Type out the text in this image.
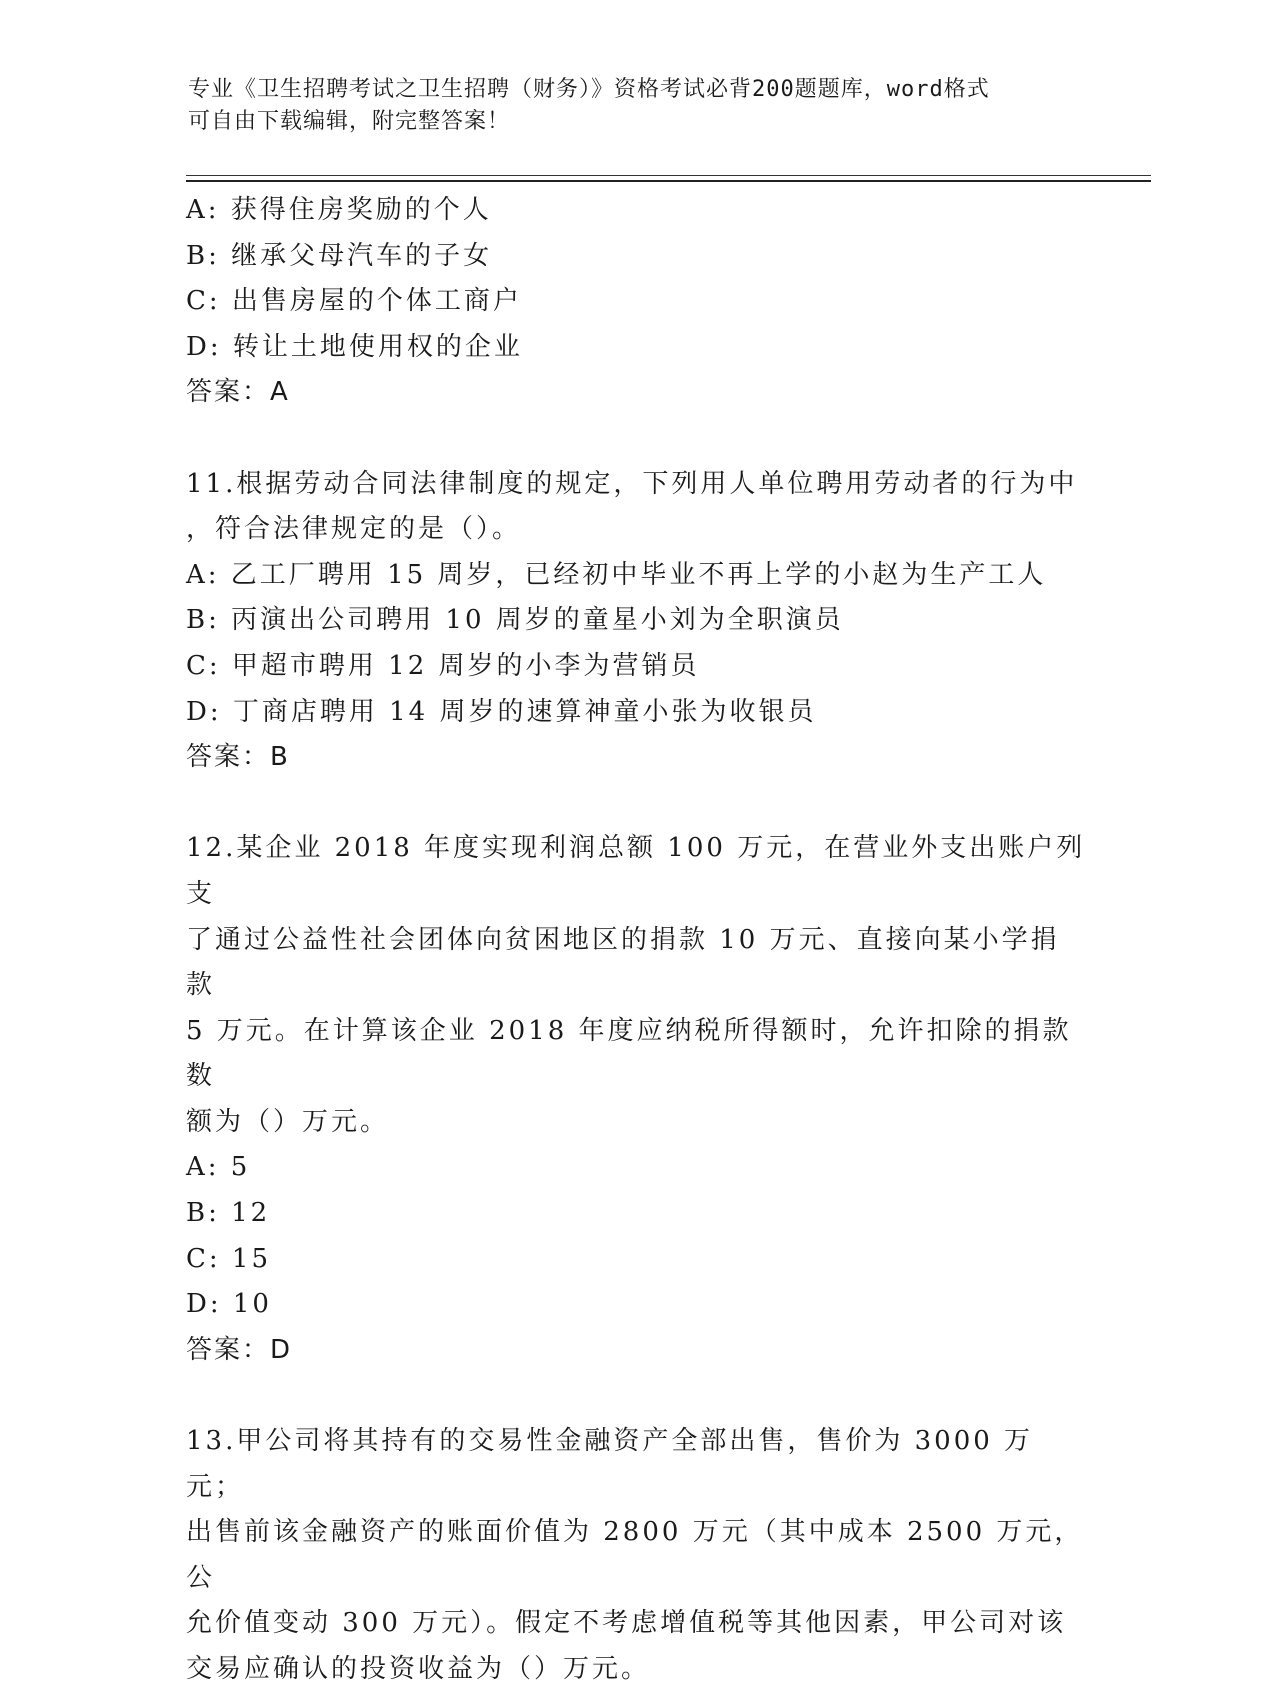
专业《卫生招聘考试之卫生招聘（财务）》资格考试必背200题题库，word格式
可自由下载编辑，附完整答案！
A: 获得住房奖励的个人
B: 继承父母汽车的子女
C: 出售房屋的个体工商户
D: 转让土地使用权的企业
答案：A
11.根据劳动合同法律制度的规定，下列用人单位聘用劳动者的行为中
，符合法律规定的是（）。
A: 乙工厂聘用 15 周岁，已经初中毕业不再上学的小赵为生产工人
B: 丙演出公司聘用 10 周岁的童星小刘为全职演员
C: 甲超市聘用 12 周岁的小李为营销员
D: 丁商店聘用 14 周岁的速算神童小张为收银员
答案：B
12.某企业 2018 年度实现利润总额 100 万元，在营业外支出账户列支
了通过公益性社会团体向贫困地区的捐款 10 万元、直接向某小学捐款
5 万元。在计算该企业 2018 年度应纳税所得额时，允许扣除的捐款数
额为（）万元。
A: 5
B: 12
C: 15
D: 10
答案：D
13.甲公司将其持有的交易性金融资产全部出售，售价为 3000 万元；
出售前该金融资产的账面价值为 2800 万元（其中成本 2500 万元，公
允价值变动 300 万元）。假定不考虑增值税等其他因素，甲公司对该
交易应确认的投资收益为（）万元。
